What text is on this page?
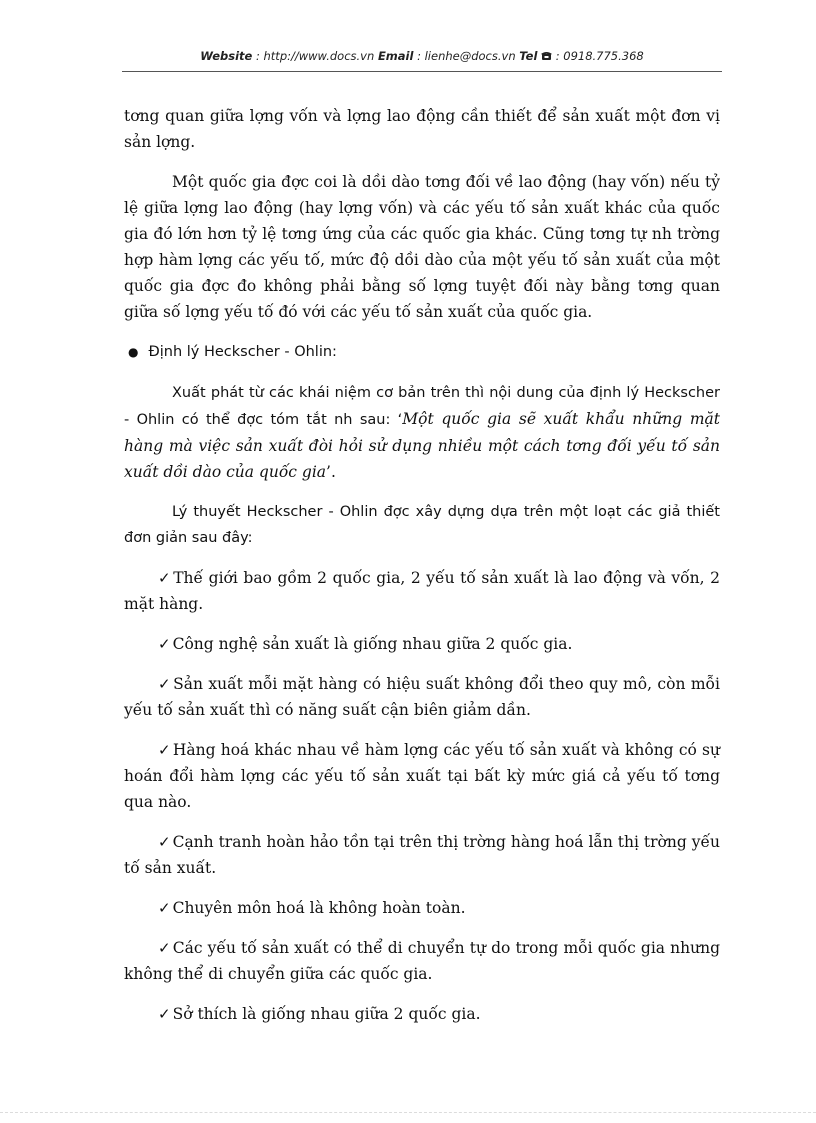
Website : http://www.docs.vn Email : lienhe@docs.vn Tel : 0918.775.368

tơng quan giữa lợng vốn và lợng lao động cần thiết để sản xuất một đơn vị sản lợng.

Một quốc gia đợc coi là dồi dào tơng đối về lao động (hay vốn) nếu tỷ lệ giữa lợng lao động (hay lợng vốn) và các yếu tố sản xuất khác của quốc gia đó lớn hơn tỷ lệ tơng ứng của các quốc gia khác. Cũng tơng tự nh trờng hợp hàm lợng các yếu tố, mức độ dồi dào của một yếu tố sản xuất của một quốc gia đợc đo không phải bằng số lợng tuyệt đối này bằng tơng quan giữa số lợng yếu tố đó với các yếu tố sản xuất của quốc gia.

● Định lý Heckscher - Ohlin:

Xuất phát từ các khái niệm cơ bản trên thì nội dung của định lý Heckscher - Ohlin có thể đợc tóm tắt nh sau: ‘Một quốc gia sẽ xuất khẩu những mặt hàng mà việc sản xuất đòi hỏi sử dụng nhiều một cách tơng đối yếu tố sản xuất dồi dào của quốc gia’.

Lý thuyết Heckscher - Ohlin đợc xây dựng dựa trên một loạt các giả thiết đơn giản sau đây:

✓ Thế giới bao gồm 2 quốc gia, 2 yếu tố sản xuất là lao động và vốn, 2 mặt hàng.

✓ Công nghệ sản xuất là giống nhau giữa 2 quốc gia.

✓ Sản xuất mỗi mặt hàng có hiệu suất không đổi theo quy mô, còn mỗi yếu tố sản xuất thì có năng suất cận biên giảm dần.

✓ Hàng hoá khác nhau về hàm lợng các yếu tố sản xuất và không có sự hoán đổi hàm lợng các yếu tố sản xuất tại bất kỳ mức giá cả yếu tố tơng qua nào.

✓ Cạnh tranh hoàn hảo tồn tại trên thị trờng hàng hoá lẫn thị trờng yếu tố sản xuất.

✓ Chuyên môn hoá là không hoàn toàn.

✓ Các yếu tố sản xuất có thể di chuyển tự do trong mỗi quốc gia nhưng không thể di chuyển giữa các quốc gia.

✓ Sở thích là giống nhau giữa 2 quốc gia.
